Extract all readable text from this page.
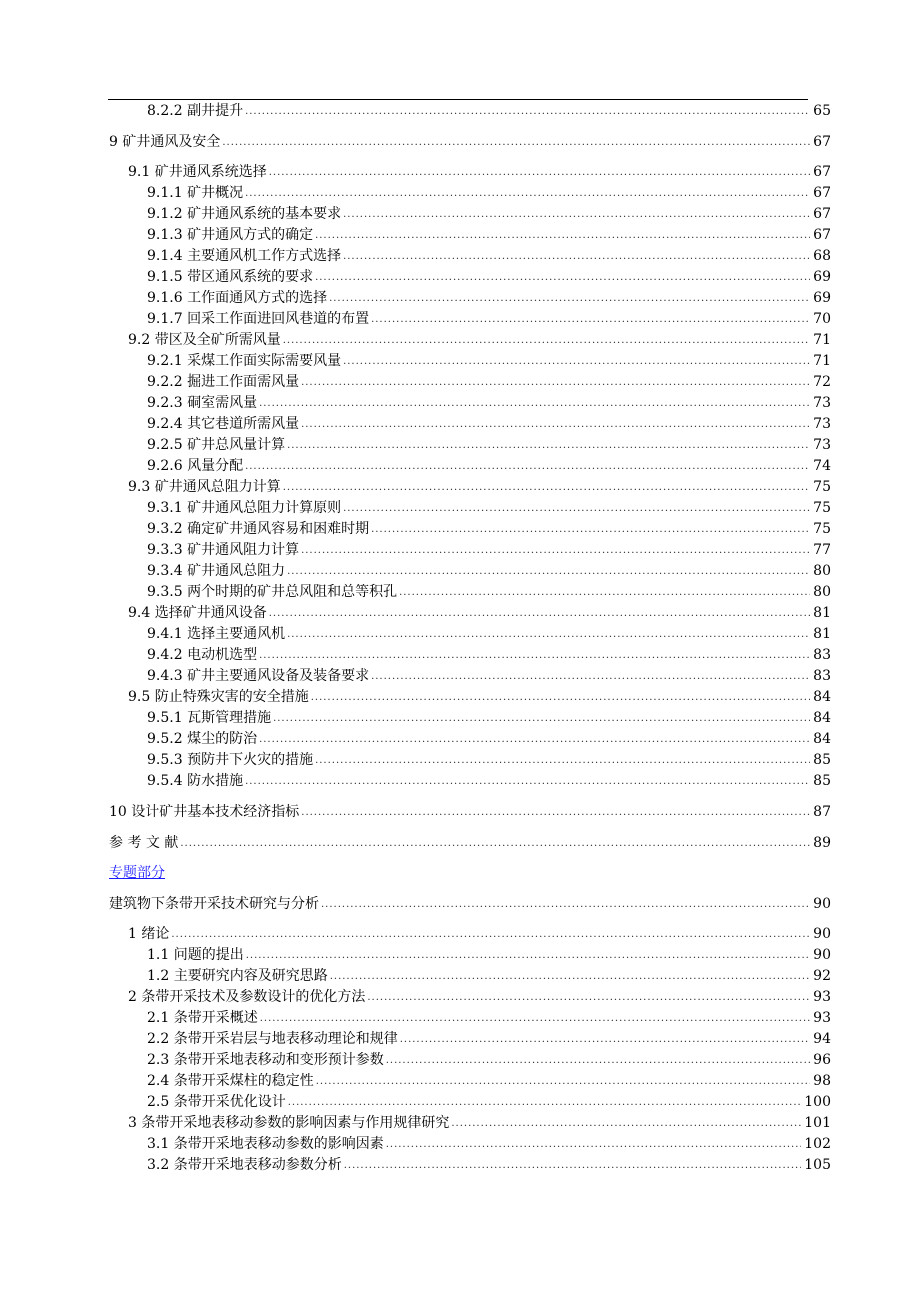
8.2.2 副井提升 .....	65
9 矿井通风及安全 .....	67
9.1 矿井通风系统选择 .....	67
9.1.1 矿井概况 .....	67
9.1.2 矿井通风系统的基本要求 .....	67
9.1.3 矿井通风方式的确定 .....	67
9.1.4 主要通风机工作方式选择 .....	68
9.1.5 带区通风系统的要求 .....	69
9.1.6 工作面通风方式的选择 .....	69
9.1.7 回采工作面进回风巷道的布置 .....	70
9.2 带区及全矿所需风量 .....	71
9.2.1 采煤工作面实际需要风量 .....	71
9.2.2 掘进工作面需风量 .....	72
9.2.3 硐室需风量 .....	73
9.2.4 其它巷道所需风量 .....	73
9.2.5 矿井总风量计算 .....	73
9.2.6 风量分配 .....	74
9.3 矿井通风总阻力计算 .....	75
9.3.1 矿井通风总阻力计算原则 .....	75
9.3.2 确定矿井通风容易和困难时期 .....	75
9.3.3 矿井通风阻力计算 .....	77
9.3.4 矿井通风总阻力 .....	80
9.3.5 两个时期的矿井总风阻和总等积孔 .....	80
9.4 选择矿井通风设备 .....	81
9.4.1 选择主要通风机 .....	81
9.4.2 电动机选型 .....	83
9.4.3 矿井主要通风设备及装备要求 .....	83
9.5 防止特殊灾害的安全措施 .....	84
9.5.1 瓦斯管理措施 .....	84
9.5.2 煤尘的防治 .....	84
9.5.3 预防井下火灾的措施 .....	85
9.5.4 防水措施 .....	85
10 设计矿井基本技术经济指标 .....	87
参 考 文 献 .....	89
专题部分
建筑物下条带开采技术研究与分析 .....	90
1 绪论 .....	90
1.1 问题的提出 .....	90
1.2 主要研究内容及研究思路 .....	92
2 条带开采技术及参数设计的优化方法 .....	93
2.1 条带开采概述 .....	93
2.2 条带开采岩层与地表移动理论和规律 .....	94
2.3 条带开采地表移动和变形预计参数 .....	96
2.4 条带开采煤柱的稳定性 .....	98
2.5 条带开采优化设计 .....	100
3 条带开采地表移动参数的影响因素与作用规律研究 .....	101
3.1 条带开采地表移动参数的影响因素 .....	102
3.2 条带开采地表移动参数分析 .....	105
